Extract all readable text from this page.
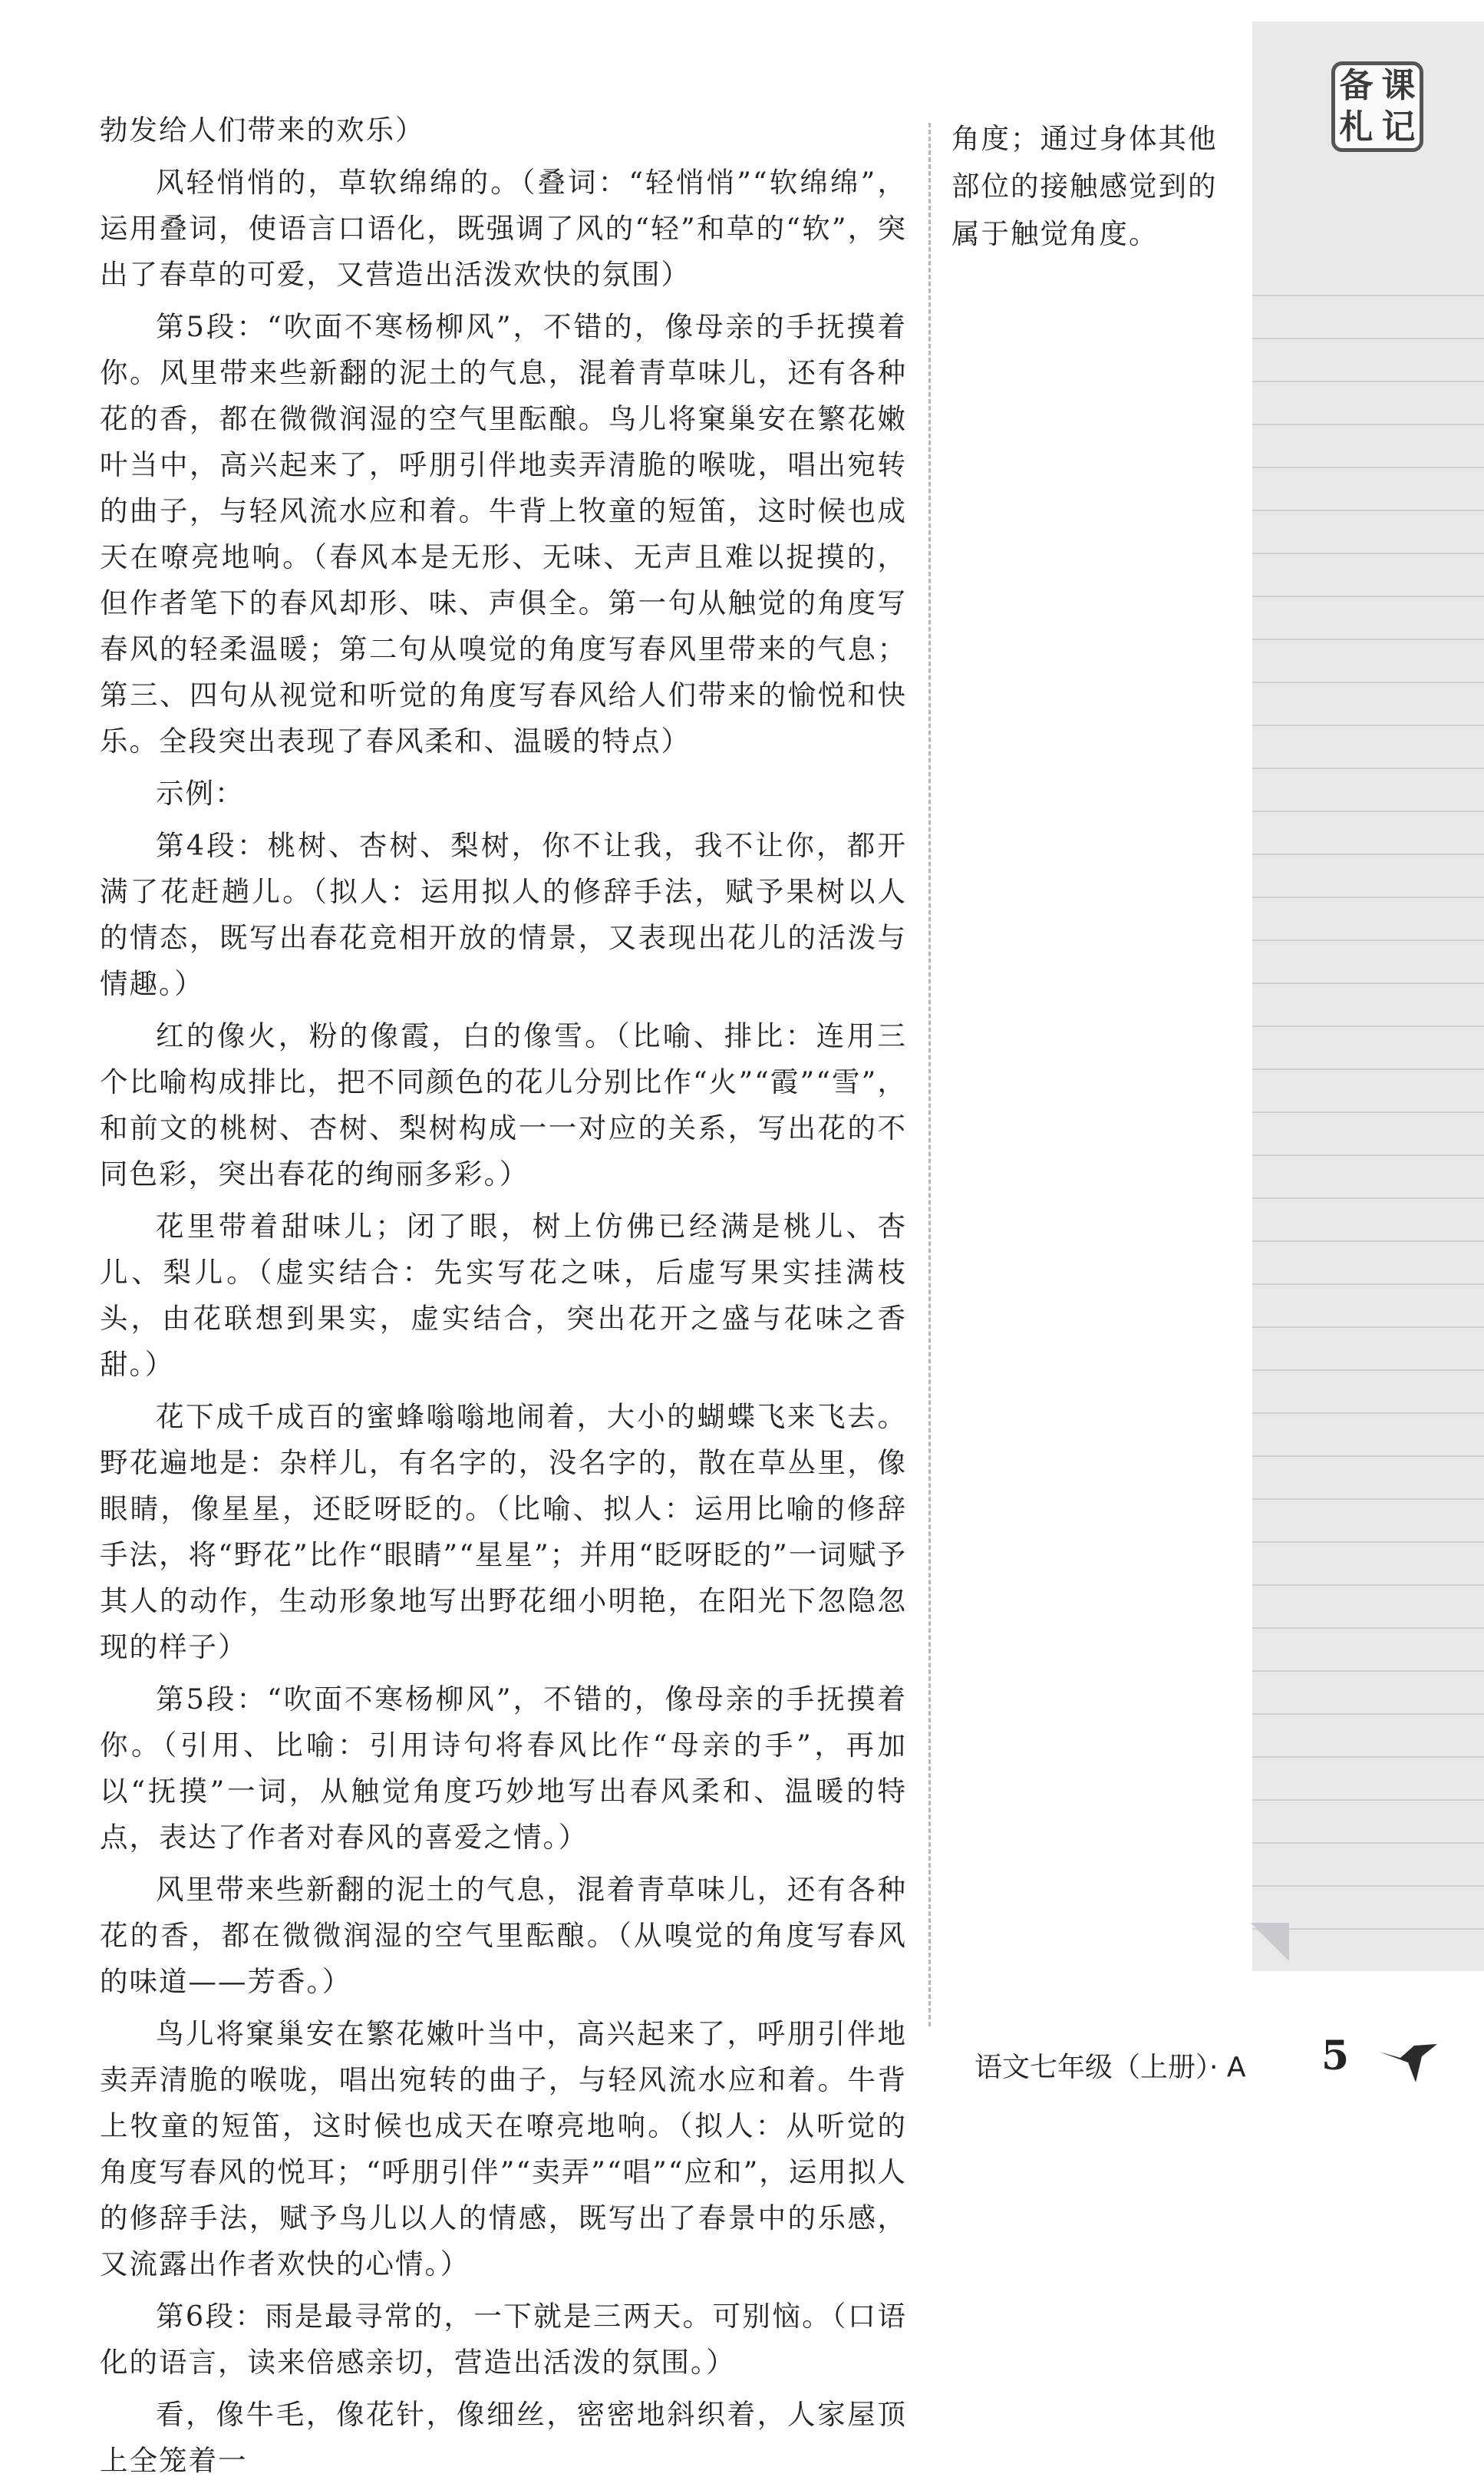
备 课
札 记

勃发给人们带来的欢乐）

风轻悄悄的，草软绵绵的。（叠词：“轻悄悄”“软绵绵”，运用叠词，使语言口语化，既强调了风的“轻”和草的“软”，突出了春草的可爱，又营造出活泼欢快的氛围）

第5段：“吹面不寒杨柳风”，不错的，像母亲的手抚摸着你。风里带来些新翻的泥土的气息，混着青草味儿，还有各种花的香，都在微微润湿的空气里酝酿。鸟儿将窠巢安在繁花嫩叶当中，高兴起来了，呼朋引伴地卖弄清脆的喉咙，唱出宛转的曲子，与轻风流水应和着。牛背上牧童的短笛，这时候也成天在嘹亮地响。（春风本是无形、无味、无声且难以捉摸的，但作者笔下的春风却形、味、声俱全。第一句从触觉的角度写春风的轻柔温暖；第二句从嗅觉的角度写春风里带来的气息；第三、四句从视觉和听觉的角度写春风给人们带来的愉悦和快乐。全段突出表现了春风柔和、温暖的特点）

示例：

第4段：桃树、杏树、梨树，你不让我，我不让你，都开满了花赶趟儿。（拟人：运用拟人的修辞手法，赋予果树以人的情态，既写出春花竞相开放的情景，又表现出花儿的活泼与情趣。）

红的像火，粉的像霞，白的像雪。（比喻、排比：连用三个比喻构成排比，把不同颜色的花儿分别比作“火”“霞”“雪”，和前文的桃树、杏树、梨树构成一一对应的关系，写出花的不同色彩，突出春花的绚丽多彩。）

花里带着甜味儿；闭了眼，树上仿佛已经满是桃儿、杏儿、梨儿。（虚实结合：先实写花之味，后虚写果实挂满枝头，由花联想到果实，虚实结合，突出花开之盛与花味之香甜。）

花下成千成百的蜜蜂嗡嗡地闹着，大小的蝴蝶飞来飞去。野花遍地是：杂样儿，有名字的，没名字的，散在草丛里，像眼睛，像星星，还眨呀眨的。（比喻、拟人：运用比喻的修辞手法，将“野花”比作“眼睛”“星星”；并用“眨呀眨的”一词赋予其人的动作，生动形象地写出野花细小明艳，在阳光下忽隐忽现的样子）

第5段：“吹面不寒杨柳风”，不错的，像母亲的手抚摸着你。（引用、比喻：引用诗句将春风比作“母亲的手”，再加以“抚摸”一词，从触觉角度巧妙地写出春风柔和、温暖的特点，表达了作者对春风的喜爱之情。）

风里带来些新翻的泥土的气息，混着青草味儿，还有各种花的香，都在微微润湿的空气里酝酿。（从嗅觉的角度写春风的味道——芳香。）

鸟儿将窠巢安在繁花嫩叶当中，高兴起来了，呼朋引伴地卖弄清脆的喉咙，唱出宛转的曲子，与轻风流水应和着。牛背上牧童的短笛，这时候也成天在嘹亮地响。（拟人：从听觉的角度写春风的悦耳；“呼朋引伴”“卖弄”“唱”“应和”，运用拟人的修辞手法，赋予鸟儿以人的情感，既写出了春景中的乐感，又流露出作者欢快的心情。）

第6段：雨是最寻常的，一下就是三两天。可别恼。（口语化的语言，读来倍感亲切，营造出活泼的氛围。）

看，像牛毛，像花针，像细丝，密密地斜织着，人家屋顶上全笼着一

角度；通过身体其他部位的接触感觉到的属于触觉角度。
语文七年级（上册）· A 5
